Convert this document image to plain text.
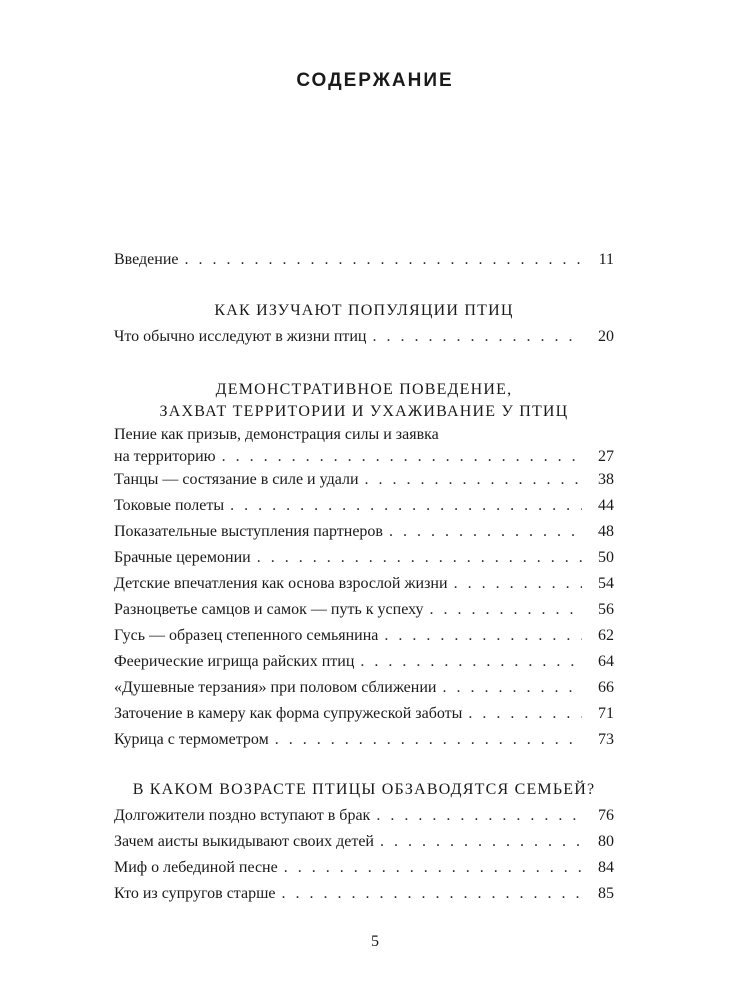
СОДЕРЖАНИЕ
Введение . . .	11
КАК ИЗУЧАЮТ ПОПУЛЯЦИИ ПТИЦ
Что обычно исследуют в жизни птиц . . .	20
ДЕМОНСТРАТИВНОЕ ПОВЕДЕНИЕ,
ЗАХВАТ ТЕРРИТОРИИ И УХАЖИВАНИЕ У ПТИЦ
Пение как призыв, демонстрация силы и заявка
на территорию . . .	27
Танцы — состязание в силе и удали . . .	38
Токовые полеты . . .	44
Показательные выступления партнеров . . .	48
Брачные церемонии . . .	50
Детские впечатления как основа взрослой жизни . . .	54
Разноцветье самцов и самок — путь к успеху . . .	56
Гусь — образец степенного семьянина . . .	62
Феерические игрища райских птиц . . .	64
«Душевные терзания» при половом сближении . . .	66
Заточение в камеру как форма супружеской заботы . . .	71
Курица с термометром . . .	73
В КАКОМ ВОЗРАСТЕ ПТИЦЫ ОБЗАВОДЯТСЯ СЕМЬЕЙ?
Долгожители поздно вступают в брак . . .	76
Зачем аисты выкидывают своих детей . . .	80
Миф о лебединой песне . . .	84
Кто из супругов старше . . .	85
5
